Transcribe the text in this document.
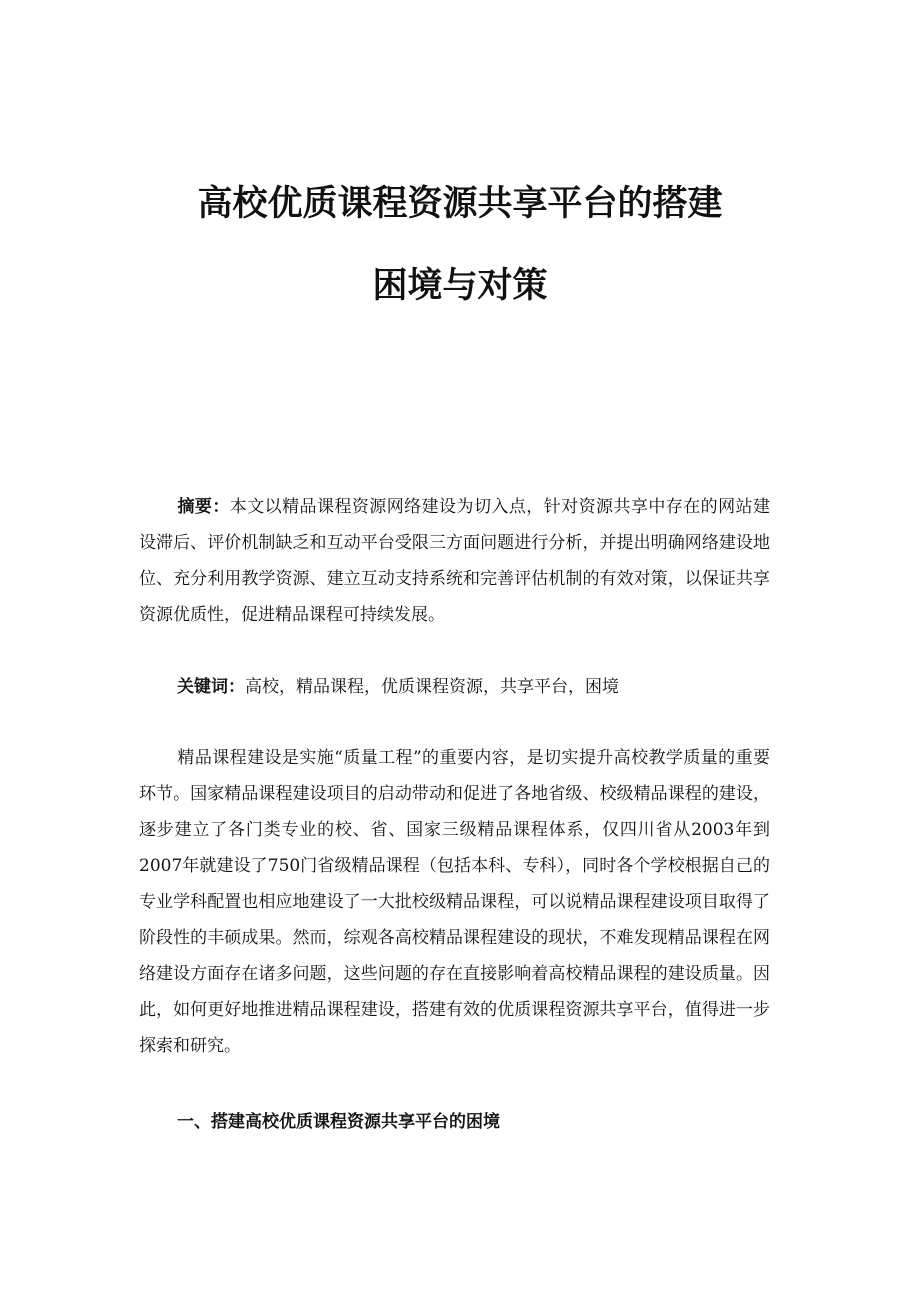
高校优质课程资源共享平台的搭建
困境与对策
摘要：本文以精品课程资源网络建设为切入点，针对资源共享中存在的网站建设滞后、评价机制缺乏和互动平台受限三方面问题进行分析，并提出明确网络建设地位、充分利用教学资源、建立互动支持系统和完善评估机制的有效对策，以保证共享资源优质性，促进精品课程可持续发展。
关键词：高校，精品课程，优质课程资源，共享平台，困境
精品课程建设是实施“质量工程”的重要内容，是切实提升高校教学质量的重要环节。国家精品课程建设项目的启动带动和促进了各地省级、校级精品课程的建设，逐步建立了各门类专业的校、省、国家三级精品课程体系，仅四川省从2003年到2007年就建设了750门省级精品课程（包括本科、专科），同时各个学校根据自己的专业学科配置也相应地建设了一大批校级精品课程，可以说精品课程建设项目取得了阶段性的丰硕成果。然而，综观各高校精品课程建设的现状，不难发现精品课程在网络建设方面存在诸多问题，这些问题的存在直接影响着高校精品课程的建设质量。因此，如何更好地推进精品课程建设，搭建有效的优质课程资源共享平台，值得进一步探索和研究。
一、搭建高校优质课程资源共享平台的困境
